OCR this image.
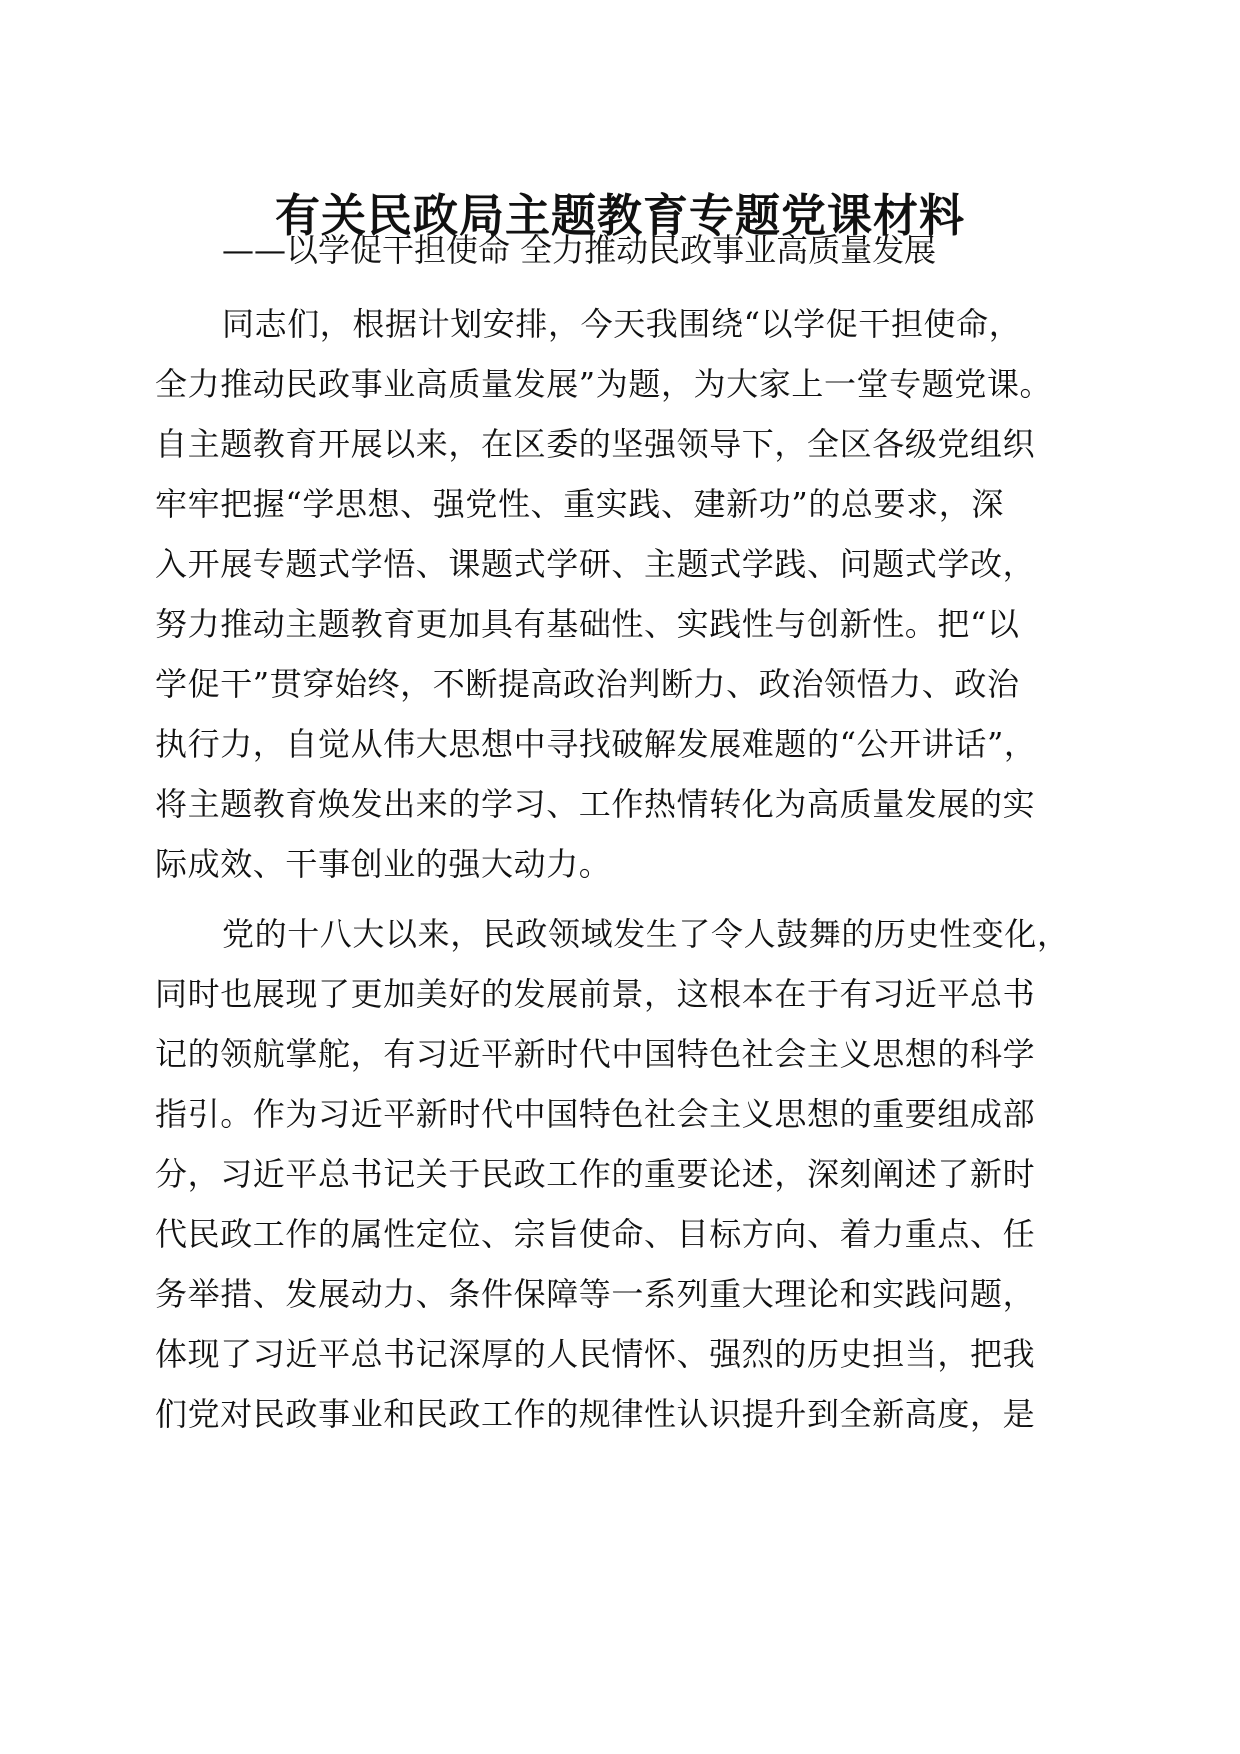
有关民政局主题教育专题党课材料
——以学促干担使命 全力推动民政事业高质量发展
同志们，根据计划安排，今天我围绕“以学促干担使命，
全力推动民政事业高质量发展”为题，为大家上一堂专题党课。
自主题教育开展以来，在区委的坚强领导下，全区各级党组织
牢牢把握“学思想、强党性、重实践、建新功”的总要求，深
入开展专题式学悟、课题式学研、主题式学践、问题式学改，
努力推动主题教育更加具有基础性、实践性与创新性。把“以
学促干”贯穿始终，不断提高政治判断力、政治领悟力、政治
执行力，自觉从伟大思想中寻找破解发展难题的“公开讲话”，
将主题教育焕发出来的学习、工作热情转化为高质量发展的实
际成效、干事创业的强大动力。
党的十八大以来，民政领域发生了令人鼓舞的历史性变化，
同时也展现了更加美好的发展前景，这根本在于有习近平总书
记的领航掌舵，有习近平新时代中国特色社会主义思想的科学
指引。作为习近平新时代中国特色社会主义思想的重要组成部
分，习近平总书记关于民政工作的重要论述，深刻阐述了新时
代民政工作的属性定位、宗旨使命、目标方向、着力重点、任
务举措、发展动力、条件保障等一系列重大理论和实践问题，
体现了习近平总书记深厚的人民情怀、强烈的历史担当，把我
们党对民政事业和民政工作的规律性认识提升到全新高度，是
